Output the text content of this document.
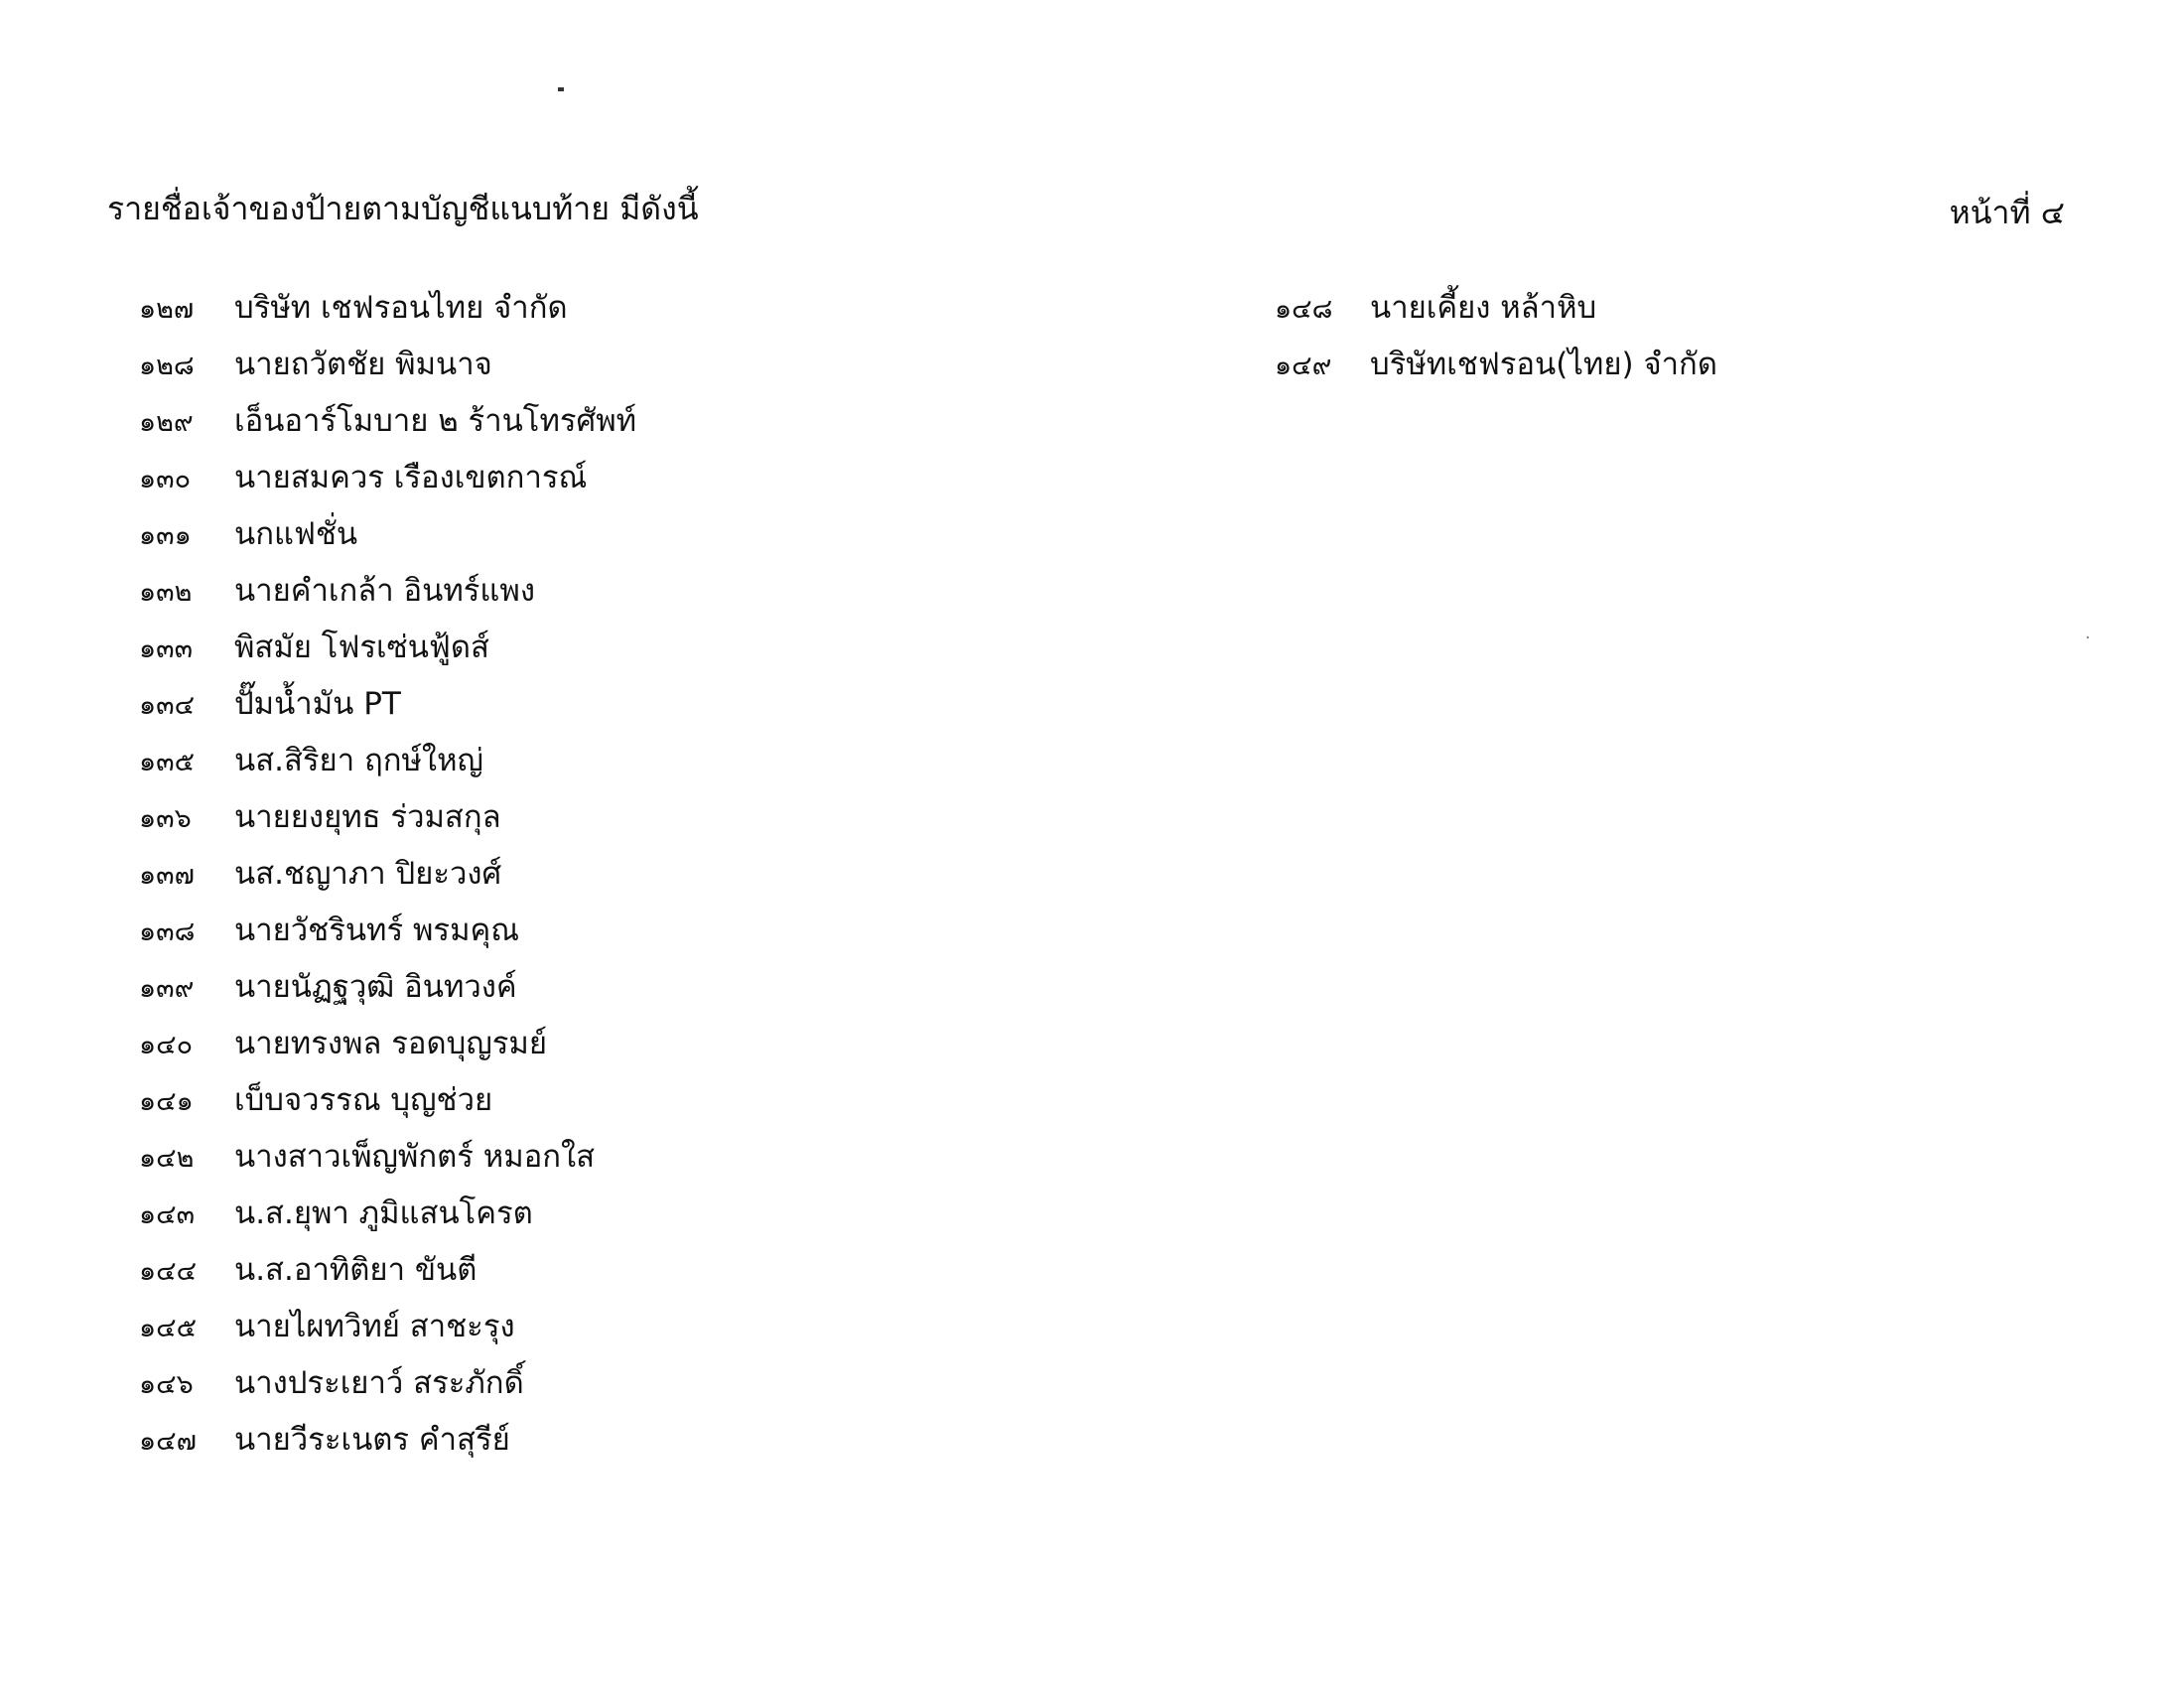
รายชื่อเจ้าของป้ายตามบัญชีแนบท้าย มีดังนี้	หน้าที่ ๔
๑๒๗	บริษัท เชฟรอนไทย จำกัด
๑๒๘	นายถวัตชัย พิมนาจ
๑๒๙	เอ็นอาร์โมบาย ๒ ร้านโทรศัพท์
๑๓๐	นายสมควร เรืองเขตการณ์
๑๓๑	นกแฟชั่น
๑๓๒	นายคำเกล้า อินทร์แพง
๑๓๓	พิสมัย โฟรเซ่นฟู้ดส์
๑๓๔	ปั๊มน้ำมัน PT
๑๓๕	นส.สิริยา ฤกษ์ใหญ่
๑๓๖	นายยงยุทธ ร่วมสกุล
๑๓๗	นส.ชญาภา ปิยะวงศ์
๑๓๘	นายวัชรินทร์ พรมคุณ
๑๓๙	นายนัฏฐวุฒิ อินทวงค์
๑๔๐	นายทรงพล รอดบุญรมย์
๑๔๑	เบ็บจวรรณ บุญช่วย
๑๔๒	นางสาวเพ็ญพักตร์ หมอกใส
๑๔๓	น.ส.ยุพา ภูมิแสนโครต
๑๔๔	น.ส.อาทิติยา ขันตี
๑๔๕	นายไผทวิทย์ สาชะรุง
๑๔๖	นางประเยาว์ สระภักดิ์
๑๔๗	นายวีระเนตร คำสุรีย์
๑๔๘	นายเคี้ยง หล้าหิบ
๑๔๙	บริษัทเชฟรอน(ไทย) จำกัด
